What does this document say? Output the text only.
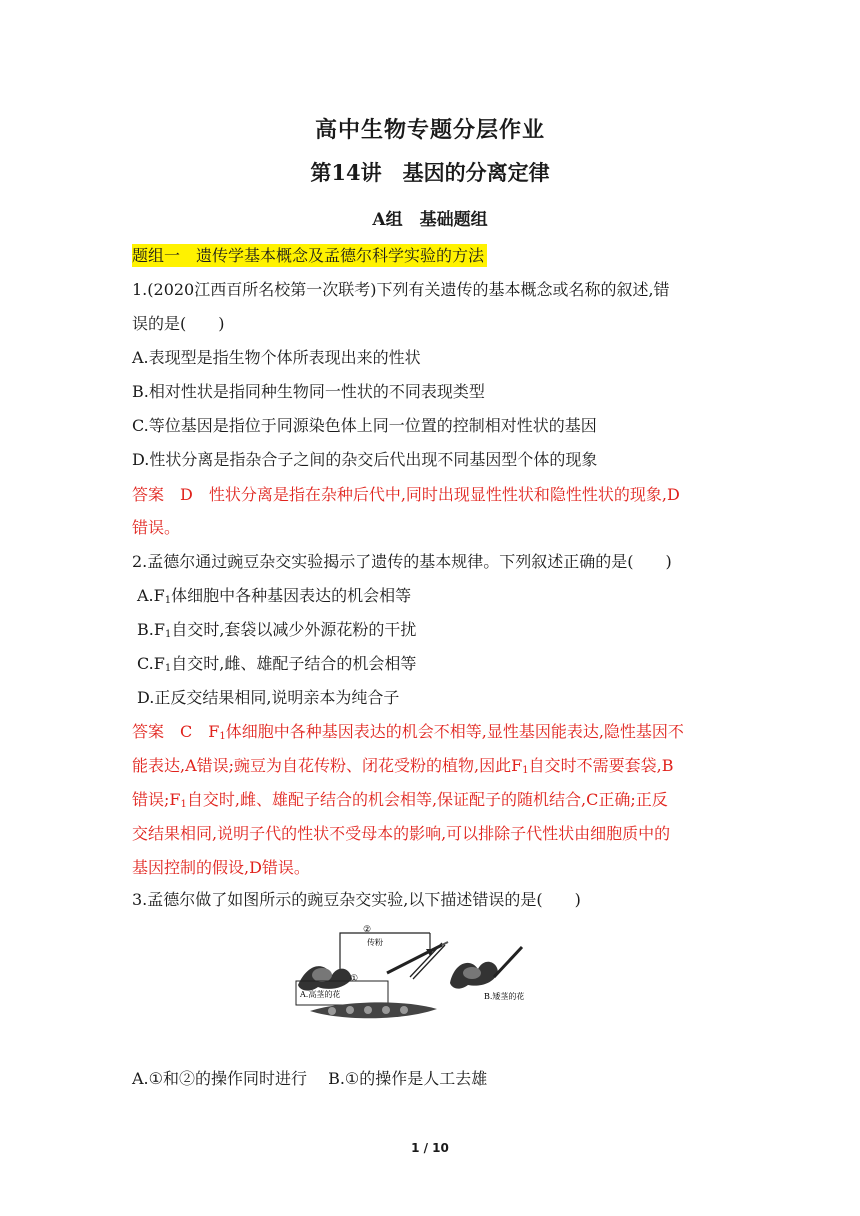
高中生物专题分层作业
第14讲　基因的分离定律
A组　基础题组
题组一　遗传学基本概念及孟德尔科学实验的方法
1.(2020江西百所名校第一次联考)下列有关遗传的基本概念或名称的叙述,错
误的是(　　)
A.表现型是指生物个体所表现出来的性状
B.相对性状是指同种生物同一性状的不同表现类型
C.等位基因是指位于同源染色体上同一位置的控制相对性状的基因
D.性状分离是指杂合子之间的杂交后代出现不同基因型个体的现象
答案　D　性状分离是指在杂种后代中,同时出现显性性状和隐性性状的现象,D
错误。
2.孟德尔通过豌豆杂交实验揭示了遗传的基本规律。下列叙述正确的是(　　)
$A.F_1$体细胞中各种基因表达的机会相等
$B.F_1$自交时,套袋以减少外源花粉的干扰
$C.F_1$自交时,雌、雄配子结合的机会相等
D.正反交结果相同,说明亲本为纯合子
答案　C　$F_1$体细胞中各种基因表达的机会不相等,显性基因能表达,隐性基因不
能表达,A错误;豌豆为自花传粉、闭花受粉的植物,因此$F_1$自交时不需要套袋,B
错误$;F_1$自交时,雌、雄配子结合的机会相等,保证配子的随机结合,C正确;正反
交结果相同,说明子代的性状不受母本的影响,可以排除子代性状由细胞质中的
基因控制的假设,D错误。
3.孟德尔做了如图所示的豌豆杂交实验,以下描述错误的是(　　)
②
传粉
①
A.高茎的花	B.矮茎的花
A.①和②的操作同时进行　 B.①的操作是人工去雄
1 / 10
